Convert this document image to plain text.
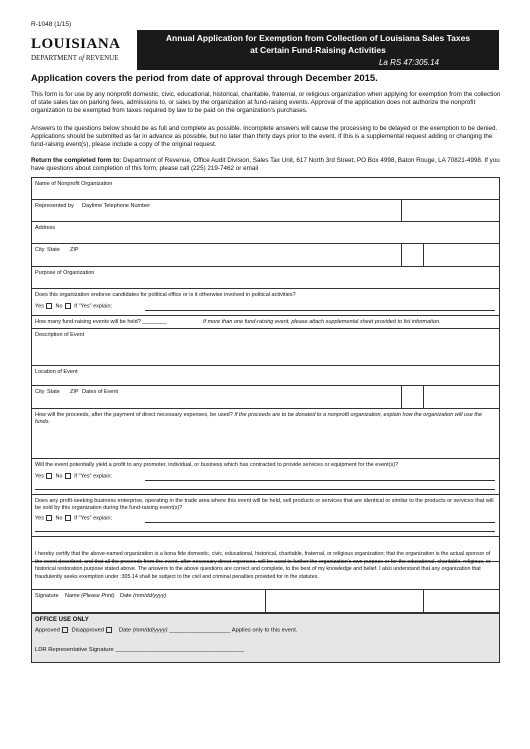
R-1048 (1/15)
LOUISIANA
DEPARTMENT of REVENUE
Annual Application for Exemption from Collection of Louisiana Sales Taxes
at Certain Fund-Raising Activities
La RS 47:305.14
Application covers the period from date of approval through December 2015.
This form is for use by any nonprofit domestic, civic, educational, historical, charitable, fraternal, or religious organization when applying for exemption from the collection of state sales tax on parking fees, admissions to, or sales by the organization at fund-raising events. Approval of the application does not authorize the nonprofit organization to be exempted from taxes required by law to be paid on the organization's purchases.
Answers to the questions below should be as full and complete as possible. Incomplete answers will cause the processing to be delayed or the exemption to be denied. Applications should be submitted as far in advance as possible, but no later than thirty days prior to the event. If this is a supplemental request adding or changing the fund-raising event(s), please include a copy of the original request.
Return the completed form to: Department of Revenue, Office Audit Division, Sales Tax Unit, 617 North 3rd Street, PO Box 4998, Baton Rouge, LA 70821-4998. If you have questions about completion of this form, please call (225) 219-7462 or email
Name of Nonprofit Organization
Represented by Daytime Telephone Number
Address
City State ZIP
Purpose of Organization
Does this organization endorse candidates for political office or is it otherwise involved in political activities?
Yes No If "Yes" explain:
How many fund-raising events will be held? ________	If more than one fund-raising event, please attach supplemental sheet provided to list information.
Description of Event
Location of Event
City State ZIP Dates of Event
How will the proceeds, after the payment of direct necessary expenses, be used? If the proceeds are to be donated to a nonprofit organization, explain how the organization will use the funds.
Will the event potentially yield a profit to any promoter, individual, or business which has contracted to provide services or equipment for the event(s)?
Yes No If "Yes" explain:
Does any profit-seeking business enterprise, operating in the trade area where this event will be held, sell products or services that are identical or similar to the products or services that will be sold by this organization during the fund-raising event(s)?
Yes No If "Yes" explain:
I hereby certify that the above-named organization is a bona fide domestic, civic, educational, historical, charitable, fraternal, or religious organization; that the organization is the actual sponsor of the event described; and that all the proceeds from the event, after necessary direct expenses, will be used to further the organization's own purpose or for the educational, charitable, religious, or historical restoration purpose stated above. The answers to the above questions are correct and complete, to the best of my knowledge and belief. I also understand that any organization that fraudulently seeks exemption under :305.14 shall be subject to the civil and criminal penalties provided for in the statutes.
Signature Name (Please Print) Date (mm/dd/yyyy)
OFFICE USE ONLY
Approved Disapproved	Date (mm/dd/yyyy) ___________________ Applies only to this event.
LDR Representative Signature ________________________________________
